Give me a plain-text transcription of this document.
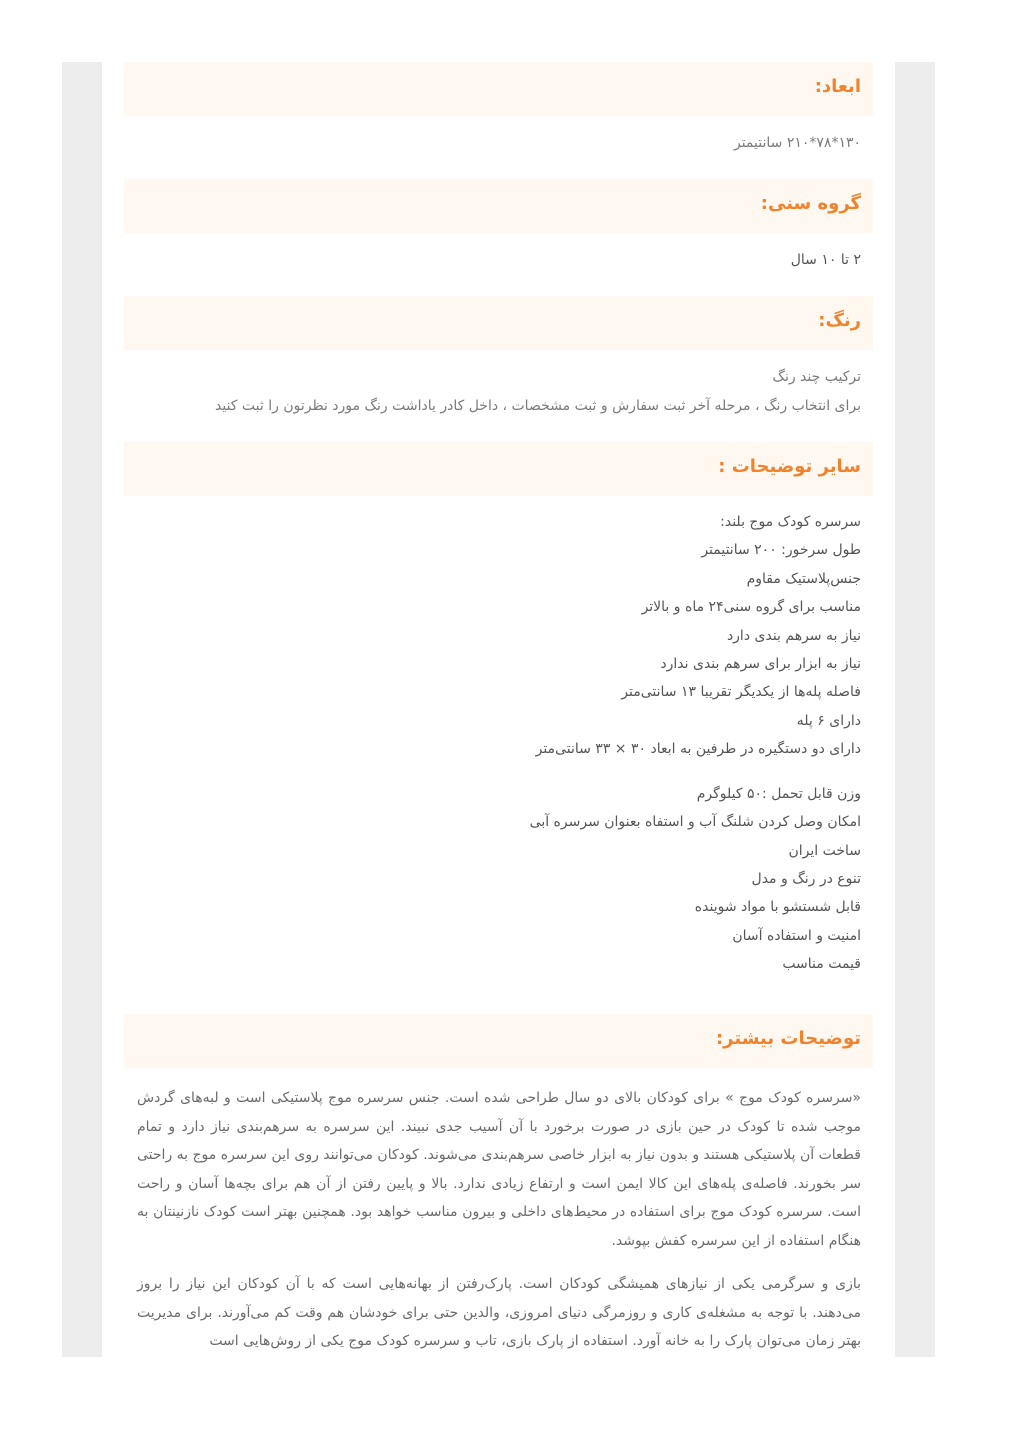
ابعاد:
۱۳۰*۷۸*۲۱۰ سانتیمتر
گروه سنی:
۲ تا ۱۰ سال
رنگ:
ترکیب چند رنگ
برای انتخاب رنگ ، مرحله آخر ثبت سفارش و ثبت مشخصات ، داخل کادر یاداشت رنگ مورد نظرتون را ثبت کنید
سایر توضیحات :
سرسره کودک موج بلند:
طول سرخور: ۲۰۰ سانتیمتر
جنس‌پلاستیک مقاوم
مناسب برای گروه سنی۲۴ ماه و بالاتر
نیاز به سرهم بندی دارد
نیاز به ابزار برای سرهم بندی ندارد
فاصله پله‌ها از یکدیگر تقریبا ۱۳ سانتی‌متر
دارای ۶ پله
دارای دو دستگیره در طرفین به ابعاد ۳۰ × ۳۳ سانتی‌متر
وزن قابل تحمل :۵۰ کیلوگرم
امکان وصل کردن شلنگ آب و استفاه بعنوان سرسره آبی
ساخت ایران
تنوع در رنگ و مدل
قابل شستشو با مواد شوینده
امنیت و استفاده آسان
قیمت مناسب
توضیحات بیشتر:

«سرسره کودک موج » برای کودکان بالای دو سال طراحی شده است. جنس سرسره موج پلاستیکی است و لبه‌های گردش موجب شده تا کودک در حین بازی در صورت برخورد با آن آسیب جدی نبیند. این سرسره به سرهم‌بندی نیاز دارد و تمام قطعات آن پلاستیکی هستند و بدون نیاز به ابزار خاصی سرهم‌بندی می‌شوند. کودکان می‌توانند روی این سرسره موج به راحتی سر بخورند. فاصله‌ی پله‌های این کالا ایمن است و ارتفاع زیادی ندارد. بالا و پایین رفتن از آن هم برای بچه‌ها آسان و راحت است. سرسره کودک موج برای استفاده در محیط‌های داخلی و بیرون مناسب خواهد بود. همچنین بهتر است کودک نازنینتان به هنگام استفاده از این سرسره کفش بپوشد.

بازی و سرگرمی یکی از نیازهای همیشگی کودکان است. پارک‌رفتن از بهانه‌هایی است که با آن کودکان این نیاز را بروز می‌دهند. با توجه به مشغله‌ی کاری و روزمرگی دنیای امروزی، والدین حتی برای خودشان هم وقت کم می‌آورند. برای مدیریت بهتر زمان می‌توان پارک را به خانه آورد. استفاده از پارک بازی، تاب و سرسره کودک موج یکی از روش‌هایی است
